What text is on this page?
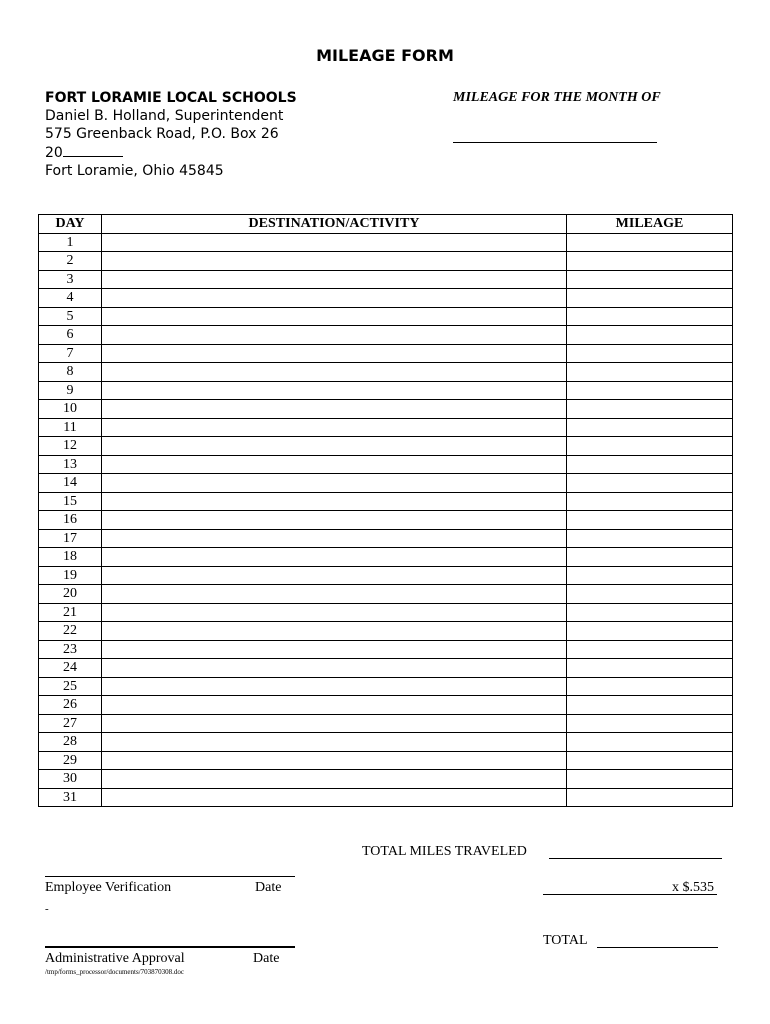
MILEAGE FORM
FORT LORAMIE LOCAL SCHOOLS
Daniel B. Holland, Superintendent
575 Greenback Road, P.O. Box 26
20
Fort Loramie, Ohio 45845
MILEAGE FOR THE MONTH OF
DAY	DESTINATION/ACTIVITY	MILEAGE
1		
2		
3		
4		
5		
6		
7		
8		
9		
10		
11		
12		
13		
14		
15		
16		
17		
18		
19		
20		
21		
22		
23		
24		
25		
26		
27		
28		
29		
30		
31		
TOTAL MILES TRAVELED
Employee Verification	Date	x $.535
-
TOTAL
Administrative Approval	Date
/tmp/forms_processor/documents/703870308.doc
